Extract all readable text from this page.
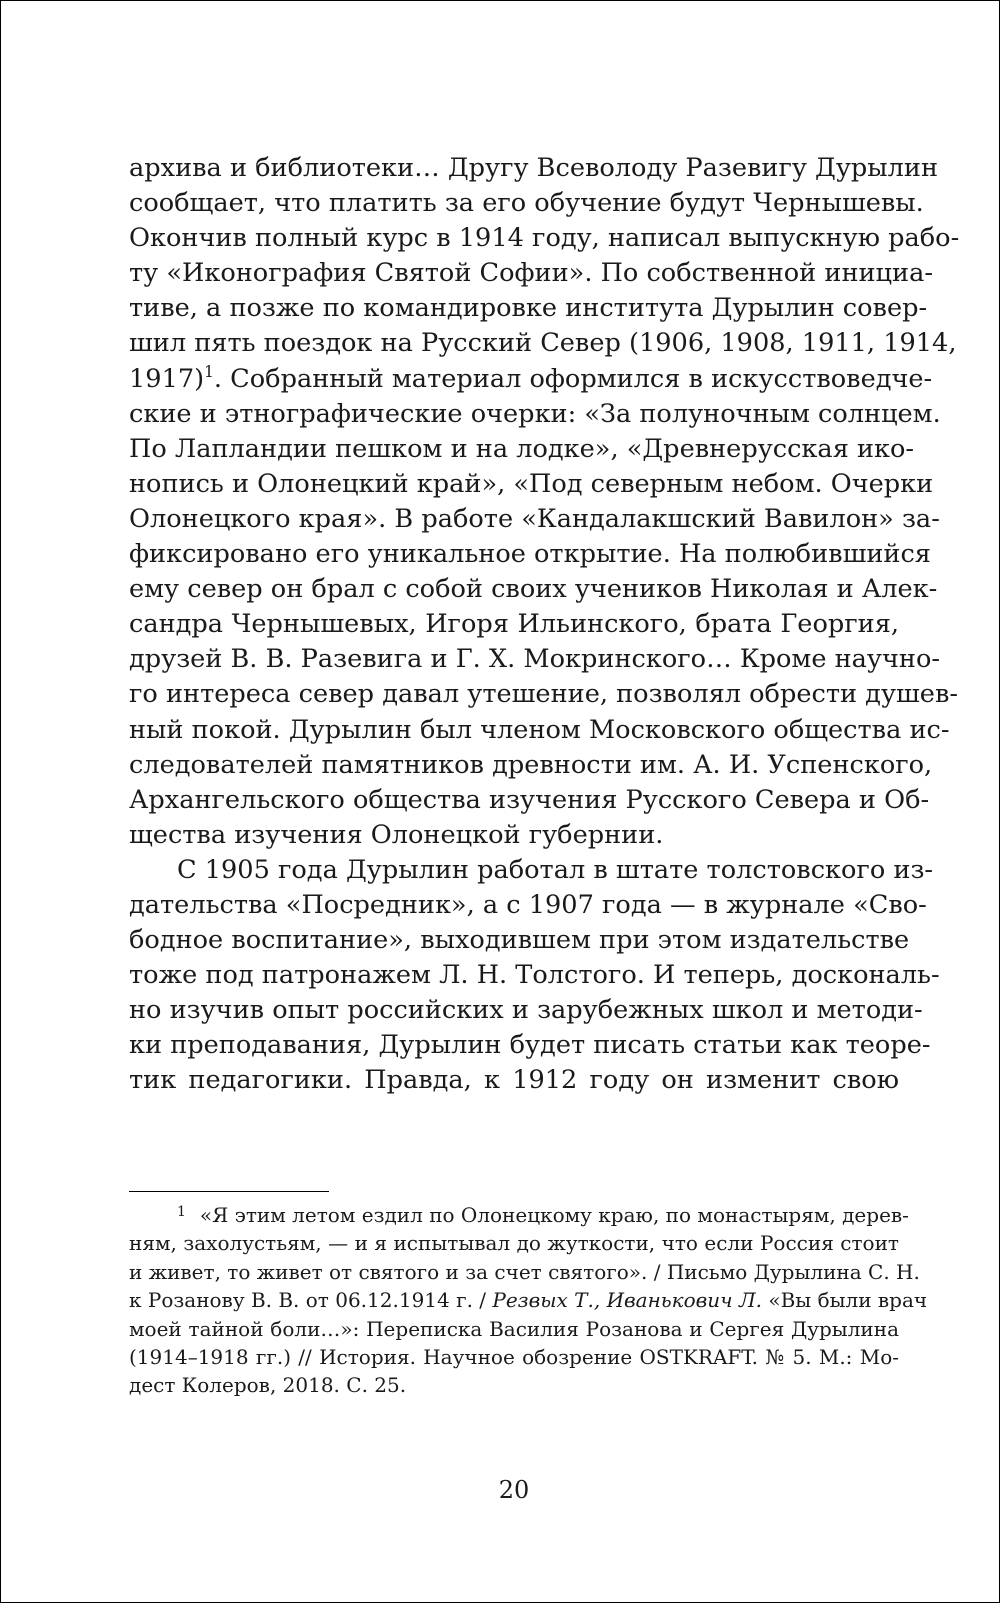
архива и библиотеки… Другу Всеволоду Разевигу Дурылин
сообщает, что платить за его обучение будут Чернышевы.
Окончив полный курс в 1914 году, написал выпускную рабо-
ту «Иконография Святой Софии». По собственной инициа-
тиве, а позже по командировке института Дурылин совер-
шил пять поездок на Русский Север (1906, 1908, 1911, 1914,
1917)$^1$. Собранный материал оформился в искусствоведче-
ские и этнографические очерки: «За полуночным солнцем.
По Лапландии пешком и на лодке», «Древнерусская ико-
нопись и Олонецкий край», «Под северным небом. Очерки
Олонецкого края». В работе «Кандалакшский Вавилон» за-
фиксировано его уникальное открытие. На полюбившийся
ему север он брал с собой своих учеников Николая и Алек-
сандра Чернышевых, Игоря Ильинского, брата Георгия,
друзей В. В. Разевига и Г. Х. Мокринского… Кроме научно-
го интереса север давал утешение, позволял обрести душев-
ный покой. Дурылин был членом Московского общества ис-
следователей памятников древности им. А. И. Успенского,
Архангельского общества изучения Русского Севера и Об-
щества изучения Олонецкой губернии.
С 1905 года Дурылин работал в штате толстовского из-
дательства «Посредник», а с 1907 года — в журнале «Сво-
бодное воспитание», выходившем при этом издательстве
тоже под патронажем Л. Н. Толстого. И теперь, доскональ-
но изучив опыт российских и зарубежных школ и методи-
ки преподавания, Дурылин будет писать статьи как теоре-
тик педагогики. Правда, к 1912 году он изменит свою
$^1$ «Я этим летом ездил по Олонецкому краю, по монастырям, дерев-
ням, захолустьям, — и я испытывал до жуткости, что если Россия стоит
и живет, то живет от святого и за счет святого». / Письмо Дурылина С. Н.
к Розанову В. В. от 06.12.1914 г. / Резвых Т., Иванькович Л. «Вы были врач
моей тайной боли…»: Переписка Василия Розанова и Сергея Дурылина
(1914–1918 гг.) // История. Научное обозрение OSTKRAFT. № 5. М.: Мо-
дест Колеров, 2018. С. 25.
20
